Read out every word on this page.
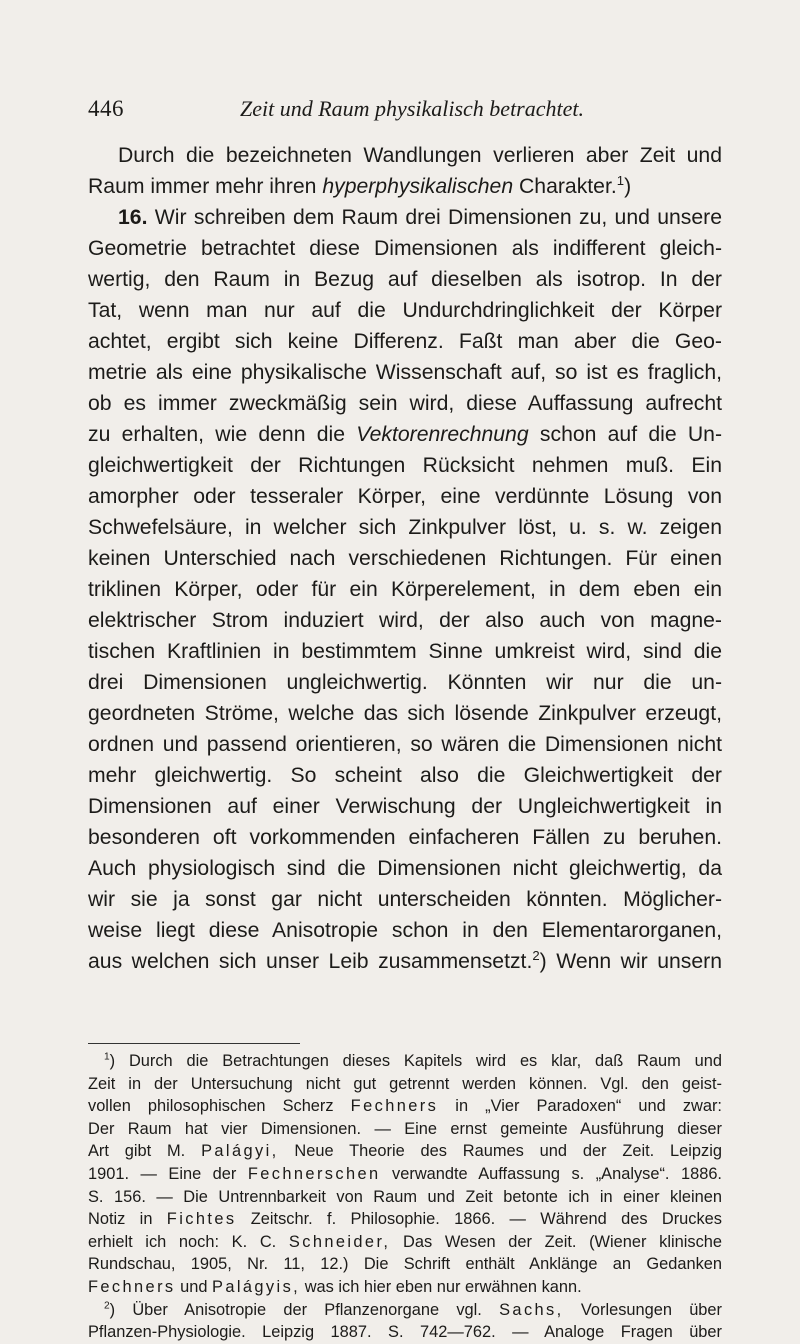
446	Zeit und Raum physikalisch betrachtet.
Durch die bezeichneten Wandlungen verlieren aber Zeit und
Raum immer mehr ihren hyperphysikalischen Charakter.$^1$)
16. Wir schreiben dem Raum drei Dimensionen zu, und unsere
Geometrie betrachtet diese Dimensionen als indifferent gleich-
wertig, den Raum in Bezug auf dieselben als isotrop. In der
Tat, wenn man nur auf die Undurchdringlichkeit der Körper
achtet, ergibt sich keine Differenz. Faßt man aber die Geo-
metrie als eine physikalische Wissenschaft auf, so ist es fraglich,
ob es immer zweckmäßig sein wird, diese Auffassung aufrecht
zu erhalten, wie denn die Vektorenrechnung schon auf die Un-
gleichwertigkeit der Richtungen Rücksicht nehmen muß. Ein
amorpher oder tesseraler Körper, eine verdünnte Lösung von
Schwefelsäure, in welcher sich Zinkpulver löst, u. s. w. zeigen
keinen Unterschied nach verschiedenen Richtungen. Für einen
triklinen Körper, oder für ein Körperelement, in dem eben ein
elektrischer Strom induziert wird, der also auch von magne-
tischen Kraftlinien in bestimmtem Sinne umkreist wird, sind die
drei Dimensionen ungleichwertig. Könnten wir nur die un-
geordneten Ströme, welche das sich lösende Zinkpulver erzeugt,
ordnen und passend orientieren, so wären die Dimensionen nicht
mehr gleichwertig. So scheint also die Gleichwertigkeit der
Dimensionen auf einer Verwischung der Ungleichwertigkeit in
besonderen oft vorkommenden einfacheren Fällen zu beruhen.
Auch physiologisch sind die Dimensionen nicht gleichwertig, da
wir sie ja sonst gar nicht unterscheiden könnten. Möglicher-
weise liegt diese Anisotropie schon in den Elementarorganen,
aus welchen sich unser Leib zusammensetzt.$^2$) Wenn wir unsern
$^1$) Durch die Betrachtungen dieses Kapitels wird es klar, daß Raum und
Zeit in der Untersuchung nicht gut getrennt werden können. Vgl. den geist-
vollen philosophischen Scherz Fechners in „Vier Paradoxen“ und zwar:
Der Raum hat vier Dimensionen. — Eine ernst gemeinte Ausführung dieser
Art gibt M. Palágyi, Neue Theorie des Raumes und der Zeit. Leipzig
1901. — Eine der Fechnerschen verwandte Auffassung s. „Analyse“. 1886.
S. 156. — Die Untrennbarkeit von Raum und Zeit betonte ich in einer kleinen
Notiz in Fichtes Zeitschr. f. Philosophie. 1866. — Während des Druckes
erhielt ich noch: K. C. Schneider, Das Wesen der Zeit. (Wiener klinische
Rundschau, 1905, Nr. 11, 12.) Die Schrift enthält Anklänge an Gedanken
Fechners und Palágyis, was ich hier eben nur erwähnen kann.
$^2$) Über Anisotropie der Pflanzenorgane vgl. Sachs, Vorlesungen über
Pflanzen-Physiologie. Leipzig 1887. S. 742—762. — Analoge Fragen über
